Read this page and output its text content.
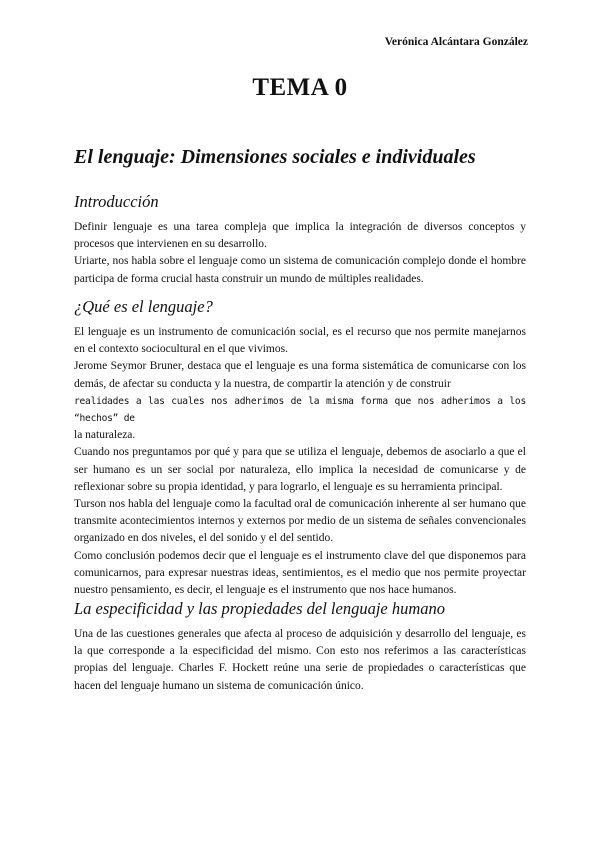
Verónica Alcántara González
TEMA 0
El lenguaje: Dimensiones sociales e individuales
Introducción

Definir lenguaje es una tarea compleja que implica la integración de diversos conceptos y procesos que intervienen en su desarrollo.

Uriarte, nos habla sobre el lenguaje como un sistema de comunicación complejo donde el hombre participa de forma crucial hasta construir un mundo de múltiples realidades.

¿Qué es el lenguaje?

El lenguaje es un instrumento de comunicación social, es el recurso que nos permite manejarnos en el contexto sociocultural en el que vivimos.

Jerome Seymor Bruner, destaca que el lenguaje es una forma sistemática de comunicarse con los demás, de afectar su conducta y la nuestra, de compartir la atención y de construir

realidades a las cuales nos adherimos de la misma forma que nos adherimos a los “hechos” de

la naturaleza.

Cuando nos preguntamos por qué y para que se utiliza el lenguaje, debemos de asociarlo a que el ser humano es un ser social por naturaleza, ello implica la necesidad de comunicarse y de reflexionar sobre su propia identidad, y para lograrlo, el lenguaje es su herramienta principal.

Turson nos habla del lenguaje como la facultad oral de comunicación inherente al ser humano que transmite acontecimientos internos y externos por medio de un sistema de señales convencionales organizado en dos niveles, el del sonido y el del sentido.

Como conclusión podemos decir que el lenguaje es el instrumento clave del que disponemos para comunicarnos, para expresar nuestras ideas, sentimientos, es el medio que nos permite proyectar nuestro pensamiento, es decir, el lenguaje es el instrumento que nos hace humanos.

La especificidad y las propiedades del lenguaje humano

Una de las cuestiones generales que afecta al proceso de adquisición y desarrollo del lenguaje, es la que corresponde a la especificidad del mismo. Con esto nos referimos a las características propias del lenguaje. Charles F. Hockett reúne una serie de propiedades o características que hacen del lenguaje humano un sistema de comunicación único.
